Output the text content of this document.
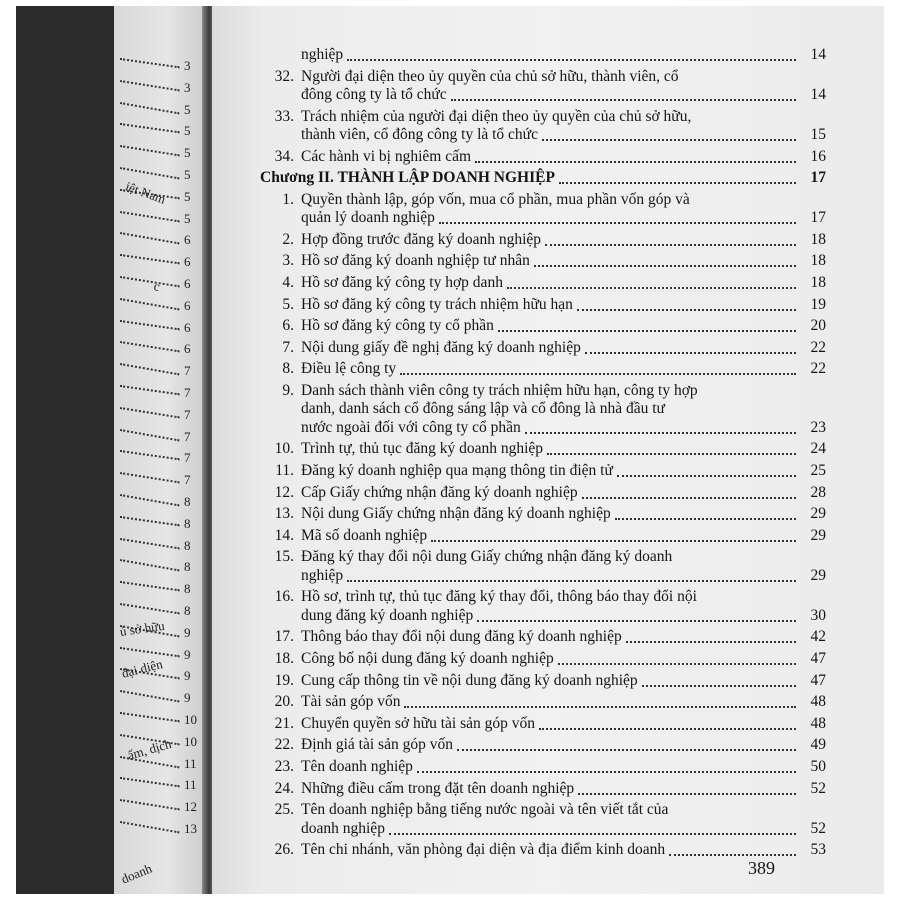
3
3
5
5
5
5
5
5
6
6
6
6
6
6
7
7
7
7
7
7
8
8
8
8
8
8
9
9
9
9
10
10
11
11
12
13
iệt Nam
c
ủ sở hữu
đại diện
ấm, dịch
doanh
nghiệp	14
32. Người đại diện theo ủy quyền của chủ sở hữu, thành viên, cổ
đông công ty là tổ chức	14
33. Trách nhiệm của người đại diện theo ủy quyền của chủ sở hữu,
thành viên, cổ đông công ty là tổ chức	15
34. Các hành vi bị nghiêm cấm	16
Chương II. THÀNH LẬP DOANH NGHIỆP	17
1. Quyền thành lập, góp vốn, mua cổ phần, mua phần vốn góp và
quản lý doanh nghiệp	17
2. Hợp đồng trước đăng ký doanh nghiệp	18
3. Hồ sơ đăng ký doanh nghiệp tư nhân	18
4. Hồ sơ đăng ký công ty hợp danh	18
5. Hồ sơ đăng ký công ty trách nhiệm hữu hạn	19
6. Hồ sơ đăng ký công ty cổ phần	20
7. Nội dung giấy đề nghị đăng ký doanh nghiệp	22
8. Điều lệ công ty	22
9. Danh sách thành viên công ty trách nhiệm hữu hạn, công ty hợp
danh, danh sách cổ đông sáng lập và cổ đông là nhà đầu tư
nước ngoài đối với công ty cổ phần	23
10. Trình tự, thủ tục đăng ký doanh nghiệp	24
11. Đăng ký doanh nghiệp qua mạng thông tin điện tử	25
12. Cấp Giấy chứng nhận đăng ký doanh nghiệp	28
13. Nội dung Giấy chứng nhận đăng ký doanh nghiệp	29
14. Mã số doanh nghiệp	29
15. Đăng ký thay đổi nội dung Giấy chứng nhận đăng ký doanh
nghiệp	29
16. Hồ sơ, trình tự, thủ tục đăng ký thay đổi, thông báo thay đổi nội
dung đăng ký doanh nghiệp	30
17. Thông báo thay đổi nội dung đăng ký doanh nghiệp	42
18. Công bố nội dung đăng ký doanh nghiệp	47
19. Cung cấp thông tin về nội dung đăng ký doanh nghiệp	47
20. Tài sản góp vốn	48
21. Chuyển quyền sở hữu tài sản góp vốn	48
22. Định giá tài sản góp vốn	49
23. Tên doanh nghiệp	50
24. Những điều cấm trong đặt tên doanh nghiệp	52
25. Tên doanh nghiệp bằng tiếng nước ngoài và tên viết tắt của
doanh nghiệp	52
26. Tên chi nhánh, văn phòng đại diện và địa điểm kinh doanh	53
389
